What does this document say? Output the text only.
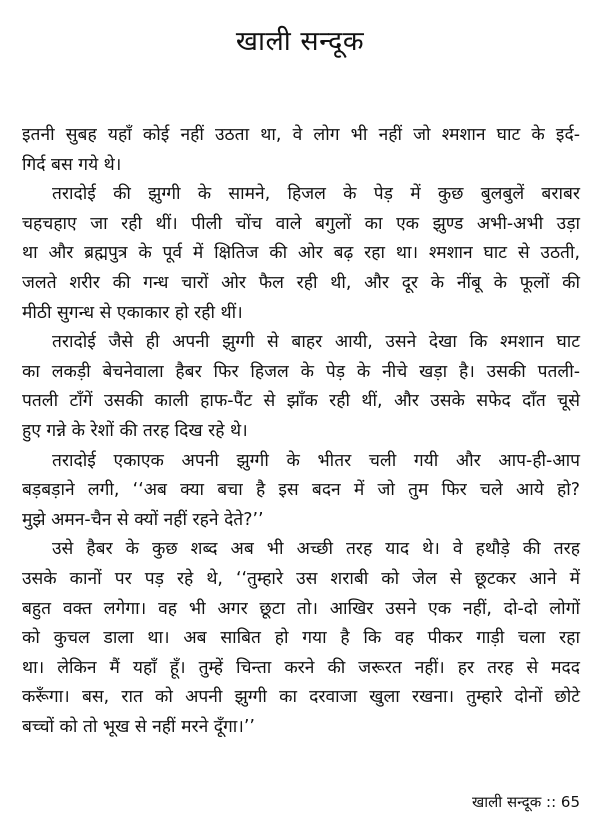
खाली सन्दूक
इतनी सुबह यहाँ कोई नहीं उठता था, वे लोग भी नहीं जो श्मशान घाट के इर्द-
गिर्द बस गये थे।
तरादोई की झुग्गी के सामने, हिजल के पेड़ में कुछ बुलबुलें बराबर
चहचहाए जा रही थीं। पीली चोंच वाले बगुलों का एक झुण्ड अभी-अभी उड़ा
था और ब्रह्मपुत्र के पूर्व में क्षितिज की ओर बढ़ रहा था। श्मशान घाट से उठती,
जलते शरीर की गन्ध चारों ओर फैल रही थी, और दूर के नींबू के फूलों की
मीठी सुगन्ध से एकाकार हो रही थीं।
तरादोई जैसे ही अपनी झुग्गी से बाहर आयी, उसने देखा कि श्मशान घाट
का लकड़ी बेचनेवाला हैबर फिर हिजल के पेड़ के नीचे खड़ा है। उसकी पतली-
पतली टाँगें उसकी काली हाफ-पैंट से झाँक रही थीं, और उसके सफेद दाँत चूसे
हुए गन्ने के रेशों की तरह दिख रहे थे।
तरादोई एकाएक अपनी झुग्गी के भीतर चली गयी और आप-ही-आप
बड़बड़ाने लगी, ‘‘अब क्या बचा है इस बदन में जो तुम फिर चले आये हो?
मुझे अमन-चैन से क्यों नहीं रहने देते?’’
उसे हैबर के कुछ शब्द अब भी अच्छी तरह याद थे। वे हथौड़े की तरह
उसके कानों पर पड़ रहे थे, ‘‘तुम्हारे उस शराबी को जेल से छूटकर आने में
बहुत वक्त लगेगा। वह भी अगर छूटा तो। आखिर उसने एक नहीं, दो-दो लोगों
को कुचल डाला था। अब साबित हो गया है कि वह पीकर गाड़ी चला रहा
था। लेकिन मैं यहाँ हूँ। तुम्हें चिन्ता करने की जरूरत नहीं। हर तरह से मदद
करूँगा। बस, रात को अपनी झुग्गी का दरवाजा खुला रखना। तुम्हारे दोनों छोटे
बच्चों को तो भूख से नहीं मरने दूँगा।’’
खाली सन्दूक :: 65
